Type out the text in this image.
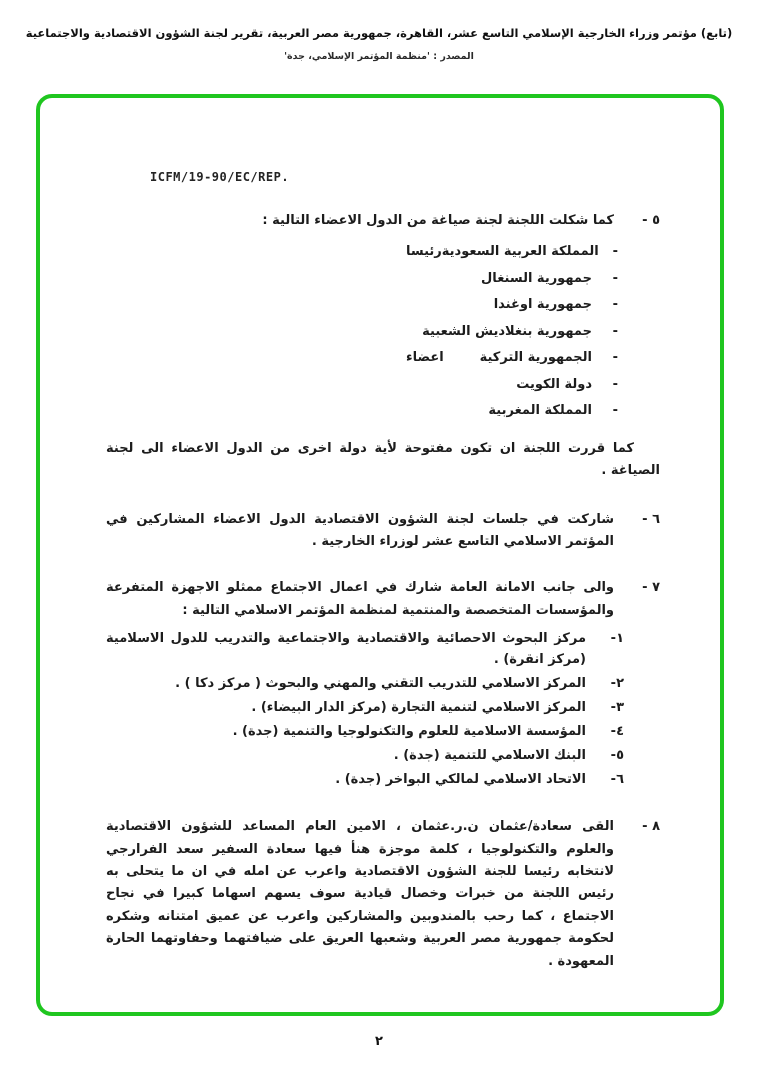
(تابع) مؤتمر وزراء الخارجية الإسلامي التاسع عشر، القاهرة، جمهورية مصر العربية، تقرير لجنة الشؤون الاقتصادية والاجتماعية
المصدر : 'منظمة المؤتمر الإسلامي، جدة'
ICFM/19-90/EC/REP.
٥ -
كما شكلت اللجنة لجنة صياغة من الدول الاعضاء التالية :
-
المملكة العربية السعودية
رئيسا
-
جمهورية السنغال
-
جمهورية اوغندا
-
جمهورية بنغلاديش الشعبية
-
الجمهورية التركية
اعضاء
-
دولة الكويت
-
المملكة المغربية

كما قررت اللجنة ان تكون مفتوحة لأية دولة اخرى من الدول الاعضاء الى لجنة الصياغة .

٦ -
شاركت في جلسات لجنة الشؤون الاقتصادية الدول الاعضاء المشاركين في المؤتمر الاسلامي التاسع عشر لوزراء الخارجية .
٧ -
والى جانب الامانة العامة شارك في اعمال الاجتماع ممثلو الاجهزة المتفرعة والمؤسسات المتخصصة والمنتمية لمنظمة المؤتمر الاسلامي التالية :
١-
مركز البحوث الاحصائية والاقتصادية والاجتماعية والتدريب للدول الاسلامية (مركز انقرة) .
٢-
المركز الاسلامي للتدريب التقني والمهني والبحوث ( مركز دكا ) .
٣-
المركز الاسلامي لتنمية التجارة (مركز الدار البيضاء) .
٤-
المؤسسة الاسلامية للعلوم والتكنولوجيا والتنمية (جدة) .
٥-
البنك الاسلامي للتنمية (جدة) .
٦-
الاتحاد الاسلامي لمالكي البواخر (جدة) .
٨ -
القى سعادة/عثمان ن.ر.عثمان ، الامين العام المساعد للشؤون الاقتصادية والعلوم والتكنولوجيا ، كلمة موجزة هنأ فيها سعادة السفير سعد الفرارجي لانتخابه رئيسا للجنة الشؤون الاقتصادية واعرب عن امله في ان ما يتحلى به رئيس اللجنة من خبرات وخصال قيادية سوف يسهم اسهاما كبيرا في نجاح الاجتماع ، كما رحب بالمندوبين والمشاركين واعرب عن عميق امتنانه وشكره لحكومة جمهورية مصر العربية وشعبها العريق على ضيافتهما وحفاوتهما الحارة المعهودة .
٢
